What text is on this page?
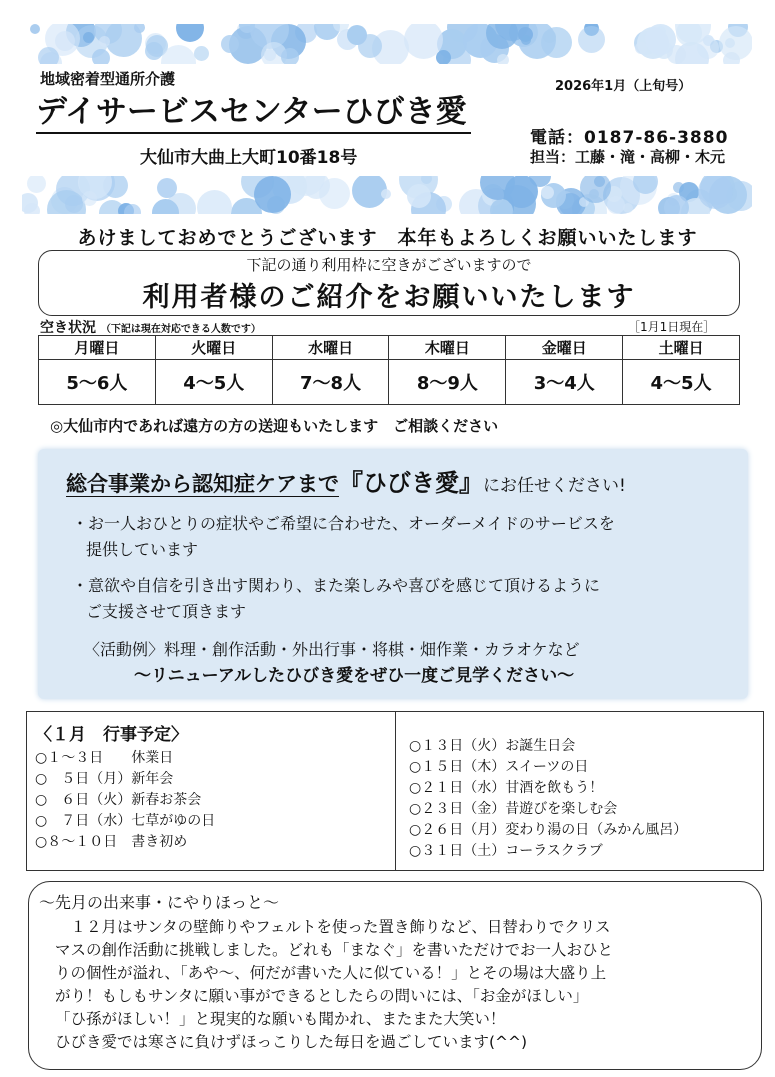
地域密着型通所介護
デイサービスセンターひびき愛
大仙市大曲上大町10番18号
2026年1月（上旬号）
電話：0187-86-3880
担当：工藤・滝・高柳・木元
あけましておめでとうございます　本年もよろしくお願いいたします
下記の通り利用枠に空きがございますので
利用者様のご紹介をお願いいたします
空き状況 （下記は現在対応できる人数です）	［1月1日現在］
月曜日	火曜日	水曜日	木曜日	金曜日	土曜日
5～6人	4～5人	7～8人	8～9人	3～4人	4～5人
◎大仙市内であれば遠方の方の送迎もいたします　ご相談ください
総合事業から認知症ケアまで『ひびき愛』にお任せください!

・お一人おひとりの症状やご希望に合わせた、オーダーメイドのサービスを

提供しています

・意欲や自信を引き出す関わり、また楽しみや喜びを感じて頂けるように

ご支援させて頂きます

〈活動例〉料理・創作活動・外出行事・将棋・畑作業・カラオケなど

～リニューアルしたひびき愛をぜひ一度ご見学ください～

〈１月　行事予定〉
○１～３日　　休業日
○　５日（月）新年会
○　６日（火）新春お茶会
○　７日（水）七草がゆの日
○８～１０日　書き初め
○１３日（火）お誕生日会
○１５日（木）スイーツの日
○２１日（水）甘酒を飲もう！
○２３日（金）昔遊びを楽しむ会
○２６日（月）変わり湯の日（みかん風呂）
○３１日（土）コーラスクラブ
～先月の出来事・にやりほっと～
　１２月はサンタの壁飾りやフェルトを使った置き飾りなど、日替わりでクリス
マスの創作活動に挑戦しました。どれも「まなぐ」を書いただけでお一人おひと
りの個性が溢れ、「あや～、何だが書いた人に似ている！」とその場は大盛り上
がり！もしもサンタに願い事ができるとしたらの問いには、「お金がほしい」
「ひ孫がほしい！」と現実的な願いも聞かれ、またまた大笑い！
ひびき愛では寒さに負けずほっこりした毎日を過ごしています(^^)
